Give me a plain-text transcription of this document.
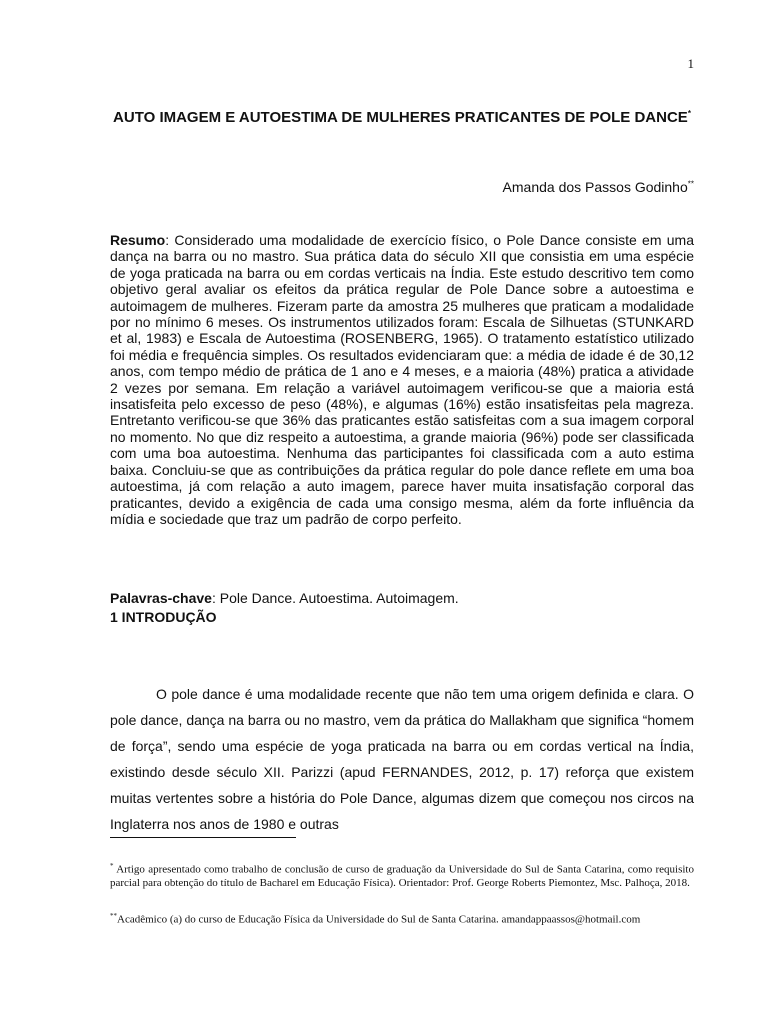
1
AUTO IMAGEM E AUTOESTIMA DE MULHERES PRATICANTES DE POLE DANCE*
Amanda dos Passos Godinho**

Resumo: Considerado uma modalidade de exercício físico, o Pole Dance consiste em uma dança na barra ou no mastro. Sua prática data do século XII que consistia em uma espécie de yoga praticada na barra ou em cordas verticais na Índia. Este estudo descritivo tem como objetivo geral avaliar os efeitos da prática regular de Pole Dance sobre a autoestima e autoimagem de mulheres. Fizeram parte da amostra 25 mulheres que praticam a modalidade por no mínimo 6 meses. Os instrumentos utilizados foram: Escala de Silhuetas (STUNKARD et al, 1983) e Escala de Autoestima (ROSENBERG, 1965). O tratamento estatístico utilizado foi média e frequência simples. Os resultados evidenciaram que: a média de idade é de 30,12 anos, com tempo médio de prática de 1 ano e 4 meses, e a maioria (48%) pratica a atividade 2 vezes por semana. Em relação a variável autoimagem verificou-se que a maioria está insatisfeita pelo excesso de peso (48%), e algumas (16%) estão insatisfeitas pela magreza. Entretanto verificou-se que 36% das praticantes estão satisfeitas com a sua imagem corporal no momento. No que diz respeito a autoestima, a grande maioria (96%) pode ser classificada com uma boa autoestima. Nenhuma das participantes foi classificada com a auto estima baixa. Concluiu-se que as contribuições da prática regular do pole dance reflete em uma boa autoestima, já com relação a auto imagem, parece haver muita insatisfação corporal das praticantes, devido a exigência de cada uma consigo mesma, além da forte influência da mídia e sociedade que traz um padrão de corpo perfeito.

Palavras-chave: Pole Dance. Autoestima. Autoimagem.

1 INTRODUÇÃO

O pole dance é uma modalidade recente que não tem uma origem definida e clara. O pole dance, dança na barra ou no mastro, vem da prática do Mallakham que significa “homem de força”, sendo uma espécie de yoga praticada na barra ou em cordas vertical na Índia, existindo desde século XII. Parizzi (apud FERNANDES, 2012, p. 17) reforça que existem muitas vertentes sobre a história do Pole Dance, algumas dizem que começou nos circos na Inglaterra nos anos de 1980 e outras

* Artigo apresentado como trabalho de conclusão de curso de graduação da Universidade do Sul de Santa Catarina, como requisito parcial para obtenção do título de Bacharel em Educação Física). Orientador: Prof. George Roberts Piemontez, Msc. Palhoça, 2018.

**Acadêmico (a) do curso de Educação Física da Universidade do Sul de Santa Catarina. amandappaassos@hotmail.com
